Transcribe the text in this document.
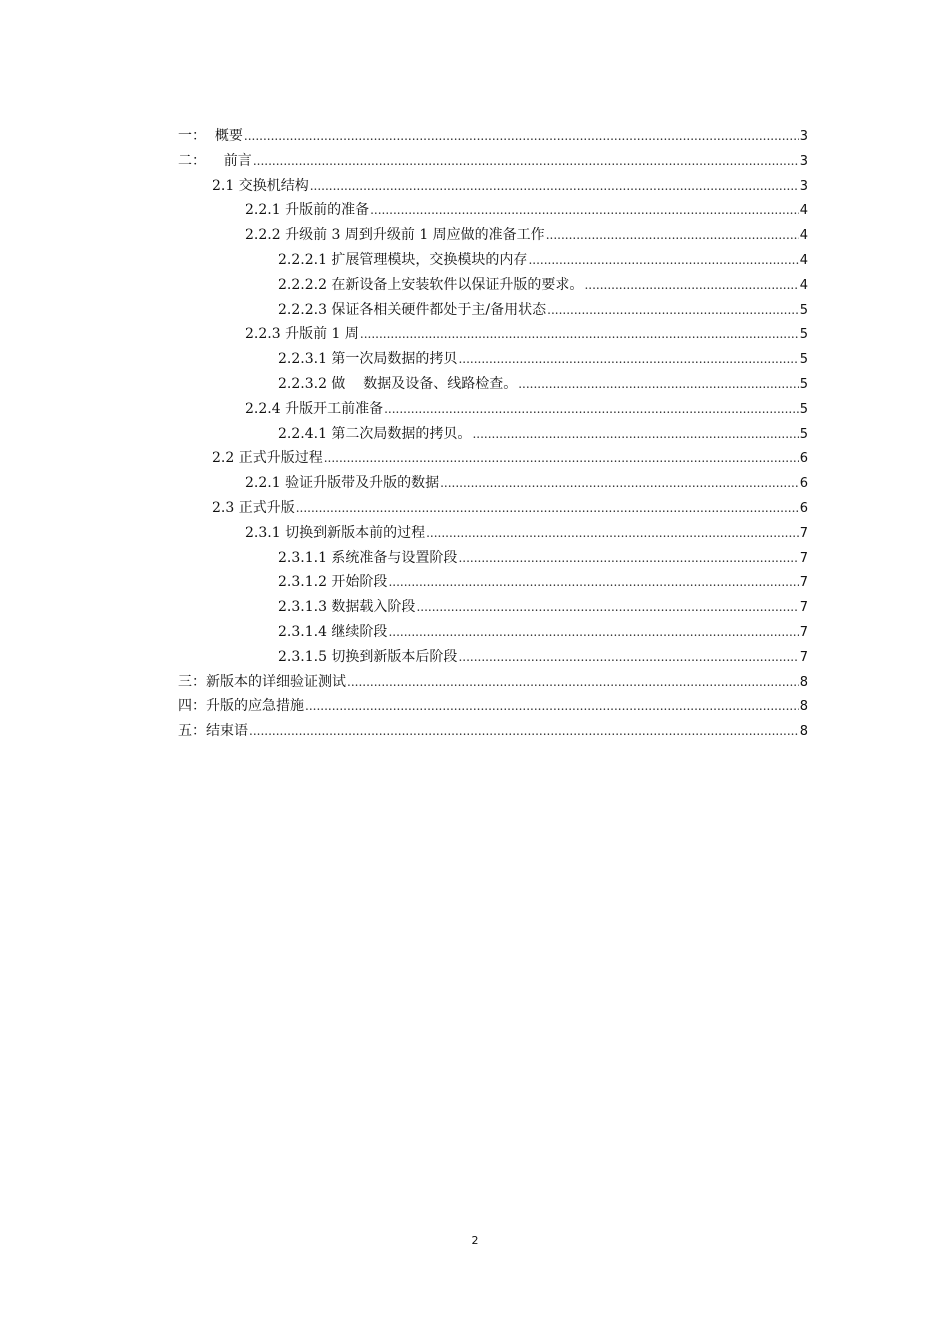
一：  概要 .....	3
二：    前言 .....	3
2.1 交换机结构 .....	3
2.2.1 升版前的准备 .....	4
2.2.2 升级前 3 周到升级前 1 周应做的准备工作 .....	4
2.2.2.1 扩展管理模块，交换模块的内存 .....	4
2.2.2.2 在新设备上安装软件以保证升版的要求。 .....	4
2.2.2.3 保证各相关硬件都处于主/备用状态 .....	5
2.2.3 升版前 1 周 .....	5
2.2.3.1 第一次局数据的拷贝 .....	5
2.2.3.2 做    数据及设备、线路检查。 .....	5
2.2.4 升版开工前准备 .....	5
2.2.4.1 第二次局数据的拷贝。 .....	5
2.2 正式升版过程 .....	6
2.2.1 验证升版带及升版的数据 .....	6
2.3 正式升版 .....	6
2.3.1 切换到新版本前的过程 .....	7
2.3.1.1 系统准备与设置阶段 .....	7
2.3.1.2 开始阶段 .....	7
2.3.1.3 数据载入阶段 .....	7
2.3.1.4 继续阶段 .....	7
2.3.1.5 切换到新版本后阶段 .....	7
三：新版本的详细验证测试 .....	8
四：升版的应急措施 .....	8
五：结束语 .....	8
2
